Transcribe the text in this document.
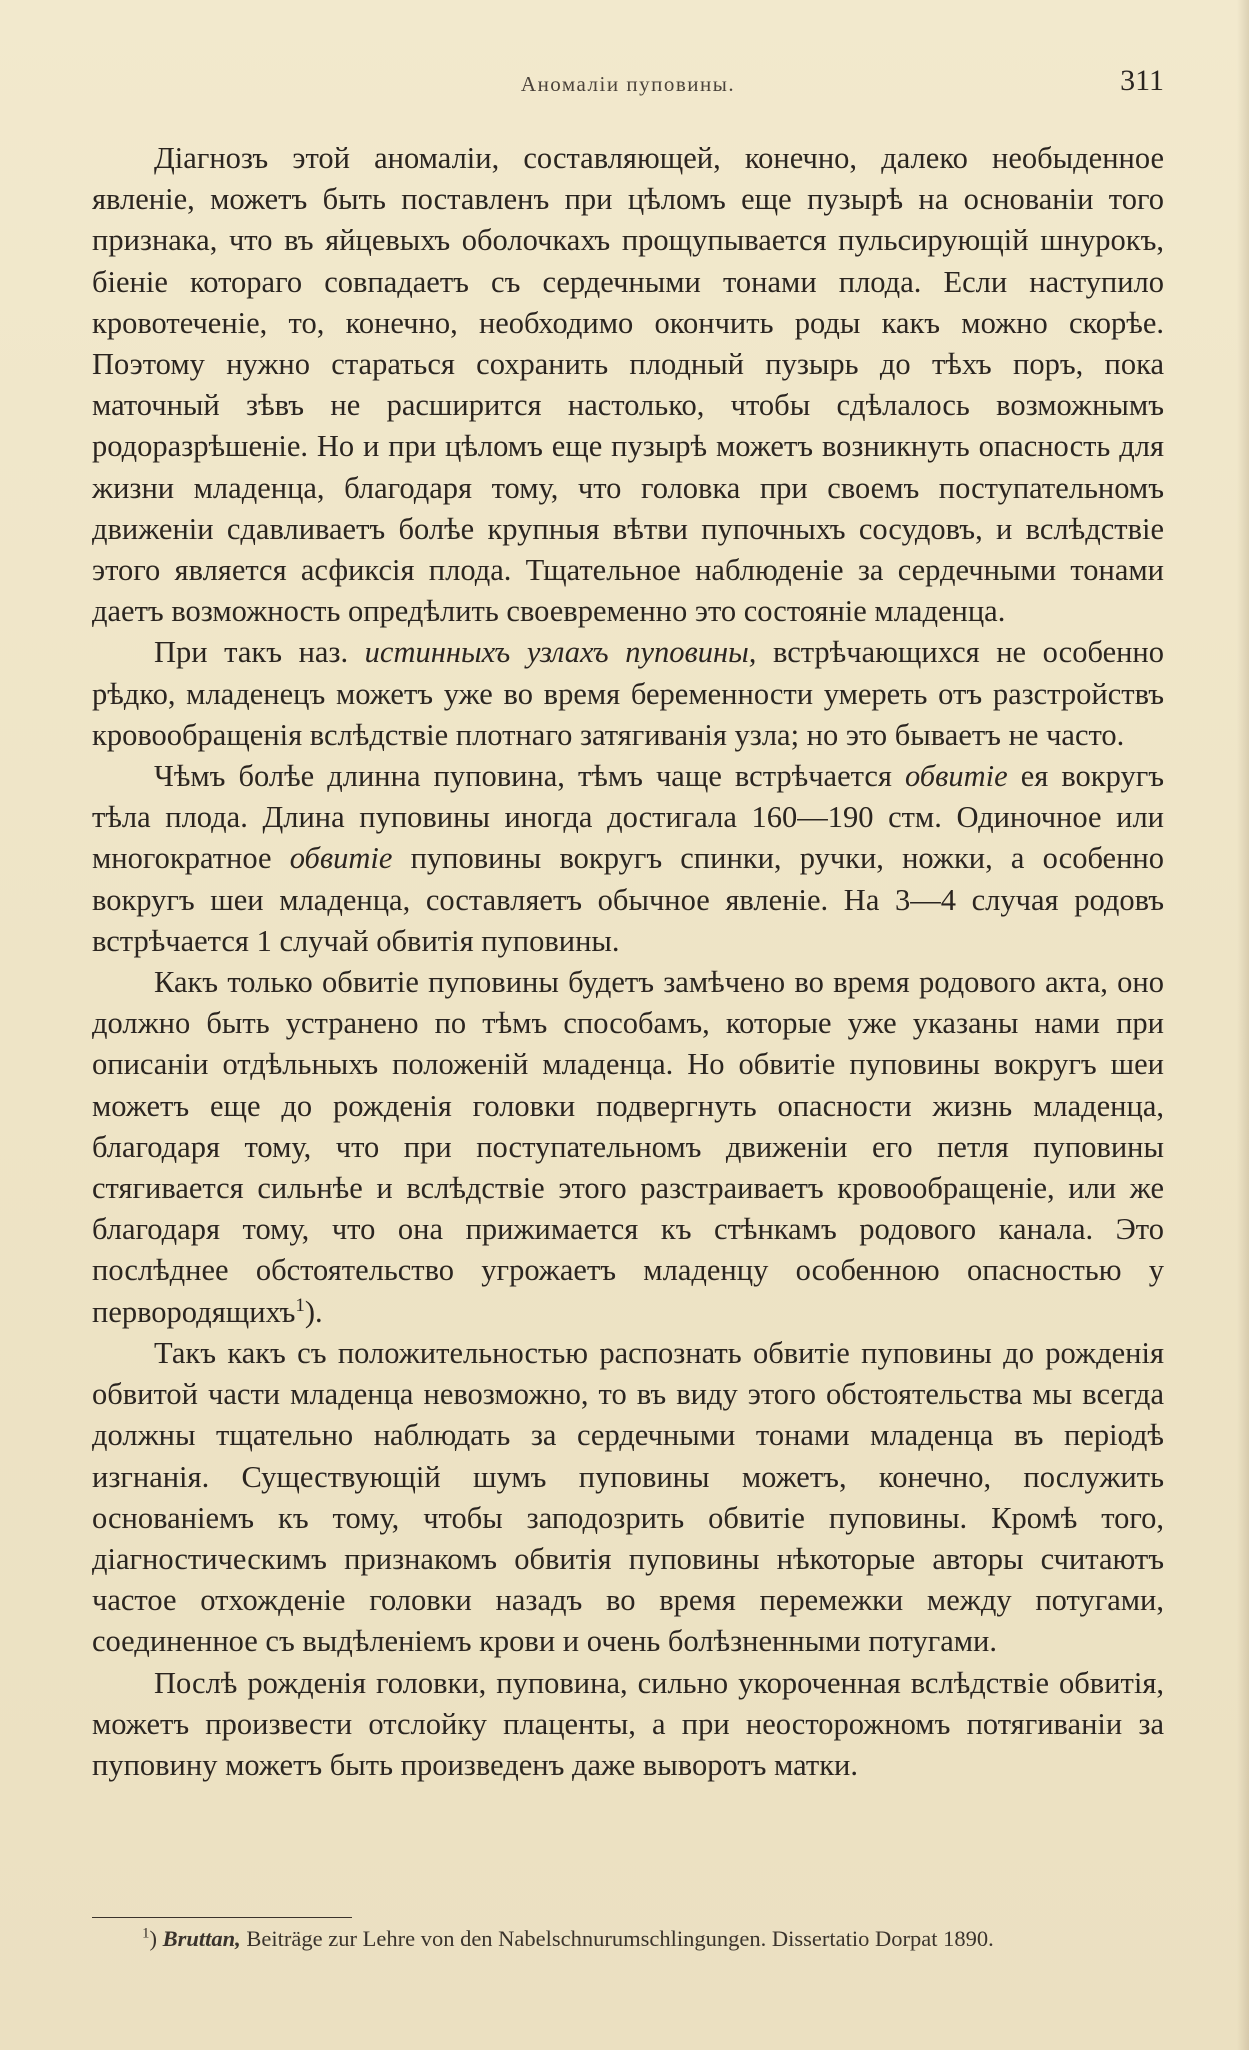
Аномаліи пуповины.	311

Діагнозъ этой аномаліи, составляющей, конечно, далеко необыденное явленіе, можетъ быть поставленъ при цѣломъ еще пузырѣ на основаніи того признака, что въ яйцевыхъ оболочкахъ прощупывается пульсирующій шнурокъ, біеніе котораго совпадаетъ съ сердечными тонами плода. Если наступило кровотеченіе, то, конечно, необходимо окончить роды какъ можно скорѣе. Поэтому нужно стараться сохранить плодный пузырь до тѣхъ поръ, пока маточный зѣвъ не расширится настолько, чтобы сдѣлалось возможнымъ родоразрѣшеніе. Но и при цѣломъ еще пузырѣ можетъ возникнуть опасность для жизни младенца, благодаря тому, что головка при своемъ поступательномъ движеніи сдавливаетъ болѣе крупныя вѣтви пупочныхъ сосудовъ, и вслѣдствіе этого является асфиксія плода. Тщательное наблюденіе за сердечными тонами даетъ возможность опредѣлить своевременно это состояніе младенца.

При такъ наз. истинныхъ узлахъ пуповины, встрѣчающихся не особенно рѣдко, младенецъ можетъ уже во время беременности умереть отъ разстройствъ кровообращенія вслѣдствіе плотнаго затягиванія узла; но это бываетъ не часто.

Чѣмъ болѣе длинна пуповина, тѣмъ чаще встрѣчается обвитіе ея вокругъ тѣла плода. Длина пуповины иногда достигала 160—190 стм. Одиночное или многократное обвитіе пуповины вокругъ спинки, ручки, ножки, а особенно вокругъ шеи младенца, составляетъ обычное явленіе. На 3—4 случая родовъ встрѣчается 1 случай обвитія пуповины.

Какъ только обвитіе пуповины будетъ замѣчено во время родового акта, оно должно быть устранено по тѣмъ способамъ, которые уже указаны нами при описаніи отдѣльныхъ положеній младенца. Но обвитіе пуповины вокругъ шеи можетъ еще до рожденія головки подвергнуть опасности жизнь младенца, благодаря тому, что при поступательномъ движеніи его петля пуповины стягивается сильнѣе и вслѣдствіе этого разстраиваетъ кровообращеніе, или же благодаря тому, что она прижимается къ стѣнкамъ родового канала. Это послѣднее обстоятельство угрожаетъ младенцу особенною опасностью у первородящихъ$^1$).

Такъ какъ съ положительностью распознать обвитіе пуповины до рожденія обвитой части младенца невозможно, то въ виду этого обстоятельства мы всегда должны тщательно наблюдать за сердечными тонами младенца въ періодѣ изгнанія. Существующій шумъ пуповины можетъ, конечно, послужить основаніемъ къ тому, чтобы заподозрить обвитіе пуповины. Кромѣ того, діагностическимъ признакомъ обвитія пуповины нѣкоторые авторы считаютъ частое отхожденіе головки назадъ во время перемежки между потугами, соединенное съ выдѣленіемъ крови и очень болѣзненными потугами.

Послѣ рожденія головки, пуповина, сильно укороченная вслѣдствіе обвитія, можетъ произвести отслойку плаценты, а при неосторожномъ потягиваніи за пуповину можетъ быть произведенъ даже выворотъ матки.

$^1$) Bruttan, Beiträge zur Lehre von den Nabelschnurumschlingungen. Dissertatio Dorpat 1890.
